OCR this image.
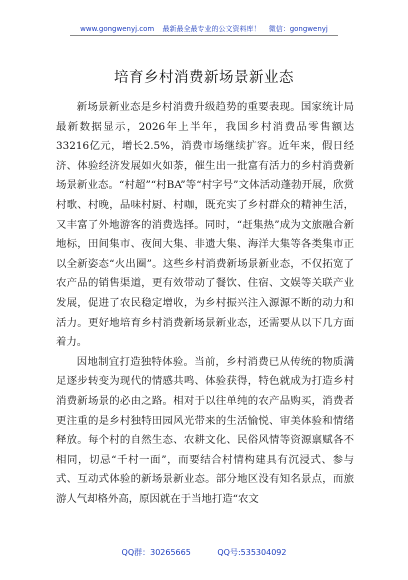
www.gongwenyj.com 最新最全最专业的公文资料库！ 微信：gongwenyj
培育乡村消费新场景新业态

新场景新业态是乡村消费升级趋势的重要表现。国家统计局最新数据显示，2026年上半年，我国乡村消费品零售额达33216亿元，增长2.5%，消费市场继续扩容。近年来，假日经济、体验经济发展如火如荼，催生出一批富有活力的乡村消费新场景新业态。“村超”“村BA”等“村字号”文体活动蓬勃开展，欣赏村歌、村晚，品味村厨、村咖，既充实了乡村群众的精神生活，又丰富了外地游客的消费选择。同时，“赶集热”成为文旅融合新地标，田间集市、夜间大集、非遗大集、海洋大集等各类集市正以全新姿态“火出圈”。这些乡村消费新场景新业态，不仅拓宽了农产品的销售渠道，更有效带动了餐饮、住宿、文娱等关联产业发展，促进了农民稳定增收，为乡村振兴注入源源不断的动力和活力。更好地培育乡村消费新场景新业态，还需要从以下几方面着力。

因地制宜打造独特体验。当前，乡村消费已从传统的物质满足逐步转变为现代的情感共鸣、体验获得，特色就成为打造乡村消费新场景的必由之路。相对于以往单纯的农产品购买，消费者更注重的是乡村独特田园风光带来的生活愉悦、审美体验和情绪释放。每个村的自然生态、农耕文化、民俗风情等资源禀赋各不相同，切忌“千村一面”，而要结合村情构建具有沉浸式、参与式、互动式体验的新场景新业态。部分地区没有知名景点，而旅游人气却格外高，原因就在于当地打造“农文

QQ群：30265665	QQ号:535304092
